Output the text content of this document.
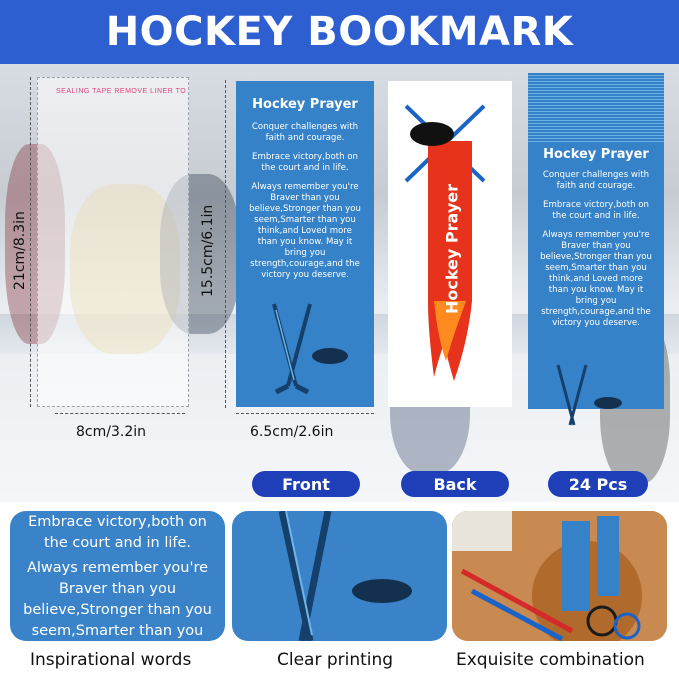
HOCKEY BOOKMARK
SEALING TAPE REMOVE LINER TO
21cm/8.3in
8cm/3.2in
15.5cm/6.1in
6.5cm/2.6in
Hockey Prayer

Conquer challenges with faith and courage.

Embrace victory,both on the court and in life.

Always remember you're Braver than you believe,Stronger than you seem,Smarter than you think,and Loved more than you know. May it bring you strength,courage,and the victory you deserve.	Hockey Prayer
Hockey Prayer

Conquer challenges with faith and courage.

Embrace victory,both on the court and in life.

Always remember you're Braver than you believe,Stronger than you seem,Smarter than you think,and Loved more than you know. May it bring you strength,courage,and the victory you deserve.

Front	Back	24 Pcs
Embrace victory,both on
the court and in life.
Always remember you're
Braver than you
believe,Stronger than you
seem,Smarter than you
Inspirational words	Clear printing	Exquisite combination
